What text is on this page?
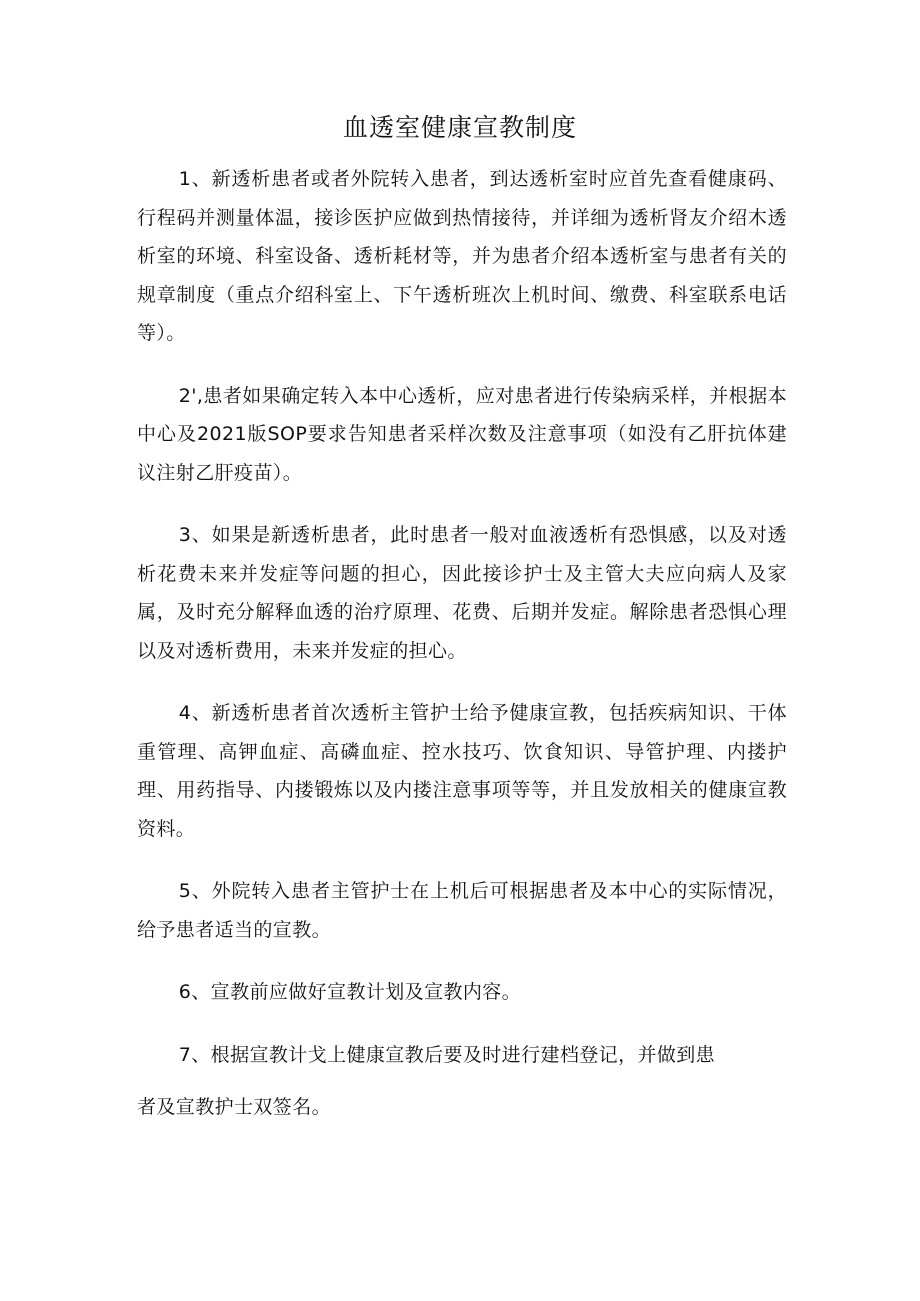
血透室健康宣教制度

1、新透析患者或者外院转入患者，到达透析室时应首先查看健康码、行程码并测量体温，接诊医护应做到热情接待，并详细为透析肾友介绍木透析室的环境、科室设备、透析耗材等，并为患者介绍本透析室与患者有关的规章制度（重点介绍科室上、下午透析班次上机时间、缴费、科室联系电话等）。

2',患者如果确定转入本中心透析，应对患者进行传染病采样，并根据本中心及2021版SOP要求告知患者采样次数及注意事项（如没有乙肝抗体建议注射乙肝疫苗）。

3、如果是新透析患者，此时患者一般对血液透析有恐惧感，以及对透析花费未来并发症等问题的担心，因此接诊护士及主管大夫应向病人及家属，及时充分解释血透的治疗原理、花费、后期并发症。解除患者恐惧心理以及对透析费用，未来并发症的担心。

4、新透析患者首次透析主管护士给予健康宣教，包括疾病知识、干体重管理、高钾血症、高磷血症、控水技巧、饮食知识、导管护理、内搂护理、用药指导、内搂锻炼以及内搂注意事项等等，并且发放相关的健康宣教资料。

5、外院转入患者主管护士在上机后可根据患者及本中心的实际情况，给予患者适当的宣教。

6、宣教前应做好宣教计划及宣教内容。

7、根据宣教计戈上健康宣教后要及时进行建档登记，并做到患

者及宣教护士双签名。
